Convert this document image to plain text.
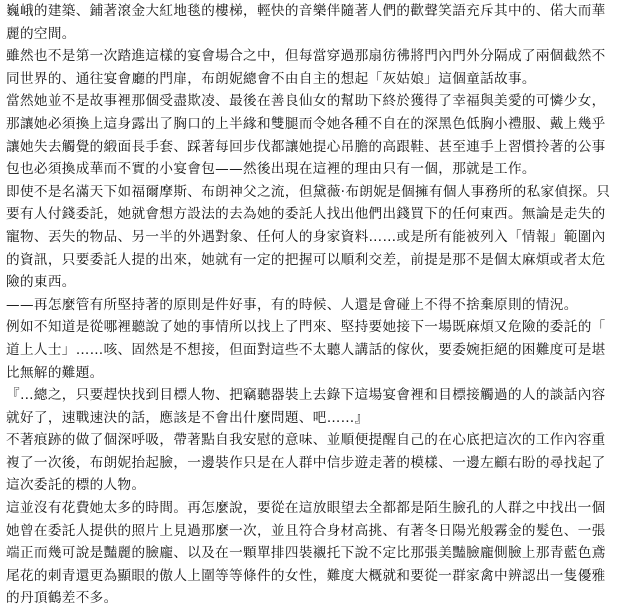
巍峨的建築、鋪著滾金大紅地毯的樓梯，輕快的音樂伴隨著人們的歡聲笑語充斥其中的、偌大而華麗的空間。

雖然也不是第一次踏進這樣的宴會場合之中，但每當穿過那扇彷彿將門內門外分隔成了兩個截然不同世界的、通往宴會廳的門扉，布朗妮總會不由自主的想起「灰姑娘」這個童話故事。

當然她並不是故事裡那個受盡欺凌、最後在善良仙女的幫助下終於獲得了幸福與美愛的可憐少女，那讓她必須換上這身露出了胸口的上半緣和雙腿而令她各種不自在的深黑色低胸小禮服、戴上幾乎讓她失去觸覺的緞面長手套、踩著每回步伐都讓她提心吊膽的高跟鞋、甚至連手上習慣拎著的公事包也必須換成華而不實的小宴會包——然後出現在這裡的理由只有一個，那就是工作。

即使不是名滿天下如福爾摩斯、布朗神父之流，但黛薇‧布朗妮是個擁有個人事務所的私家偵探。只要有人付錢委託，她就會想方設法的去為她的委託人找出他們出錢買下的任何東西。無論是走失的寵物、丟失的物品、另一半的外遇對象、任何人的身家資料……或是所有能被列入「情報」範圍內的資訊，只要委託人提的出來，她就有一定的把握可以順利交差，前提是那不是個太麻煩或者太危險的東西。

——再怎麼管有所堅持著的原則是件好事，有的時候、人還是會碰上不得不捨棄原則的情況。

例如不知道是從哪裡聽說了她的事情所以找上了門來、堅持要她接下一場既麻煩又危險的委託的「道上人士」……咳、固然是不想接，但面對這些不太聽人講話的傢伙，要委婉拒絕的困難度可是堪比無解的難題。

『…總之，只要趕快找到目標人物、把竊聽器裝上去錄下這場宴會裡和目標接觸過的人的談話內容就好了，速戰速決的話，應該是不會出什麼問題、吧……』

不著痕跡的做了個深呼吸，帶著點自我安慰的意味、並順便提醒自己的在心底把這次的工作內容重複了一次後，布朗妮抬起臉，一邊裝作只是在人群中信步遊走著的模樣、一邊左顧右盼的尋找起了這次委託的標的人物。

這並沒有花費她太多的時間。再怎麼說，要從在這放眼望去全都都是陌生臉孔的人群之中找出一個她曾在委託人提供的照片上見過那麼一次，並且符合身材高挑、有著冬日陽光般霧金的髮色、一張端正而幾可說是豔麗的臉龐、以及在一顆單排四裝襯托下說不定比那張美豔臉龐側臉上那青藍色鳶尾花的刺青還更為顯眼的傲人上圍等等條件的女性，難度大概就和要從一群家禽中辨認出一隻優雅的丹頂鶴差不多。
